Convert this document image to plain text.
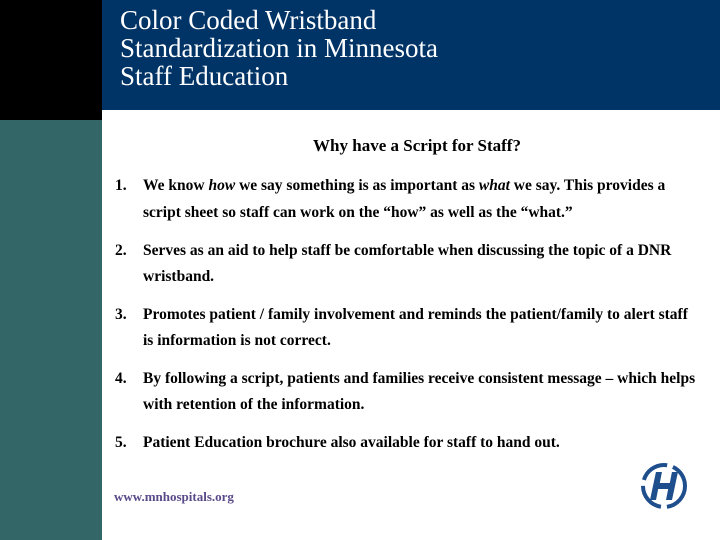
Color Coded Wristband
Standardization in Minnesota
Staff Education
Why have a Script for Staff?
1. We know how we say something is as important as what we say. This provides a script sheet so staff can work on the “how” as well as the “what.”
2. Serves as an aid to help staff be comfortable when discussing the topic of a DNR wristband.
3. Promotes patient / family involvement and reminds the patient/family to alert staff is information is not correct.
4. By following a script, patients and families receive consistent message – which helps with retention of the information.
5. Patient Education brochure also available for staff to hand out.
www.mnhospitals.org
